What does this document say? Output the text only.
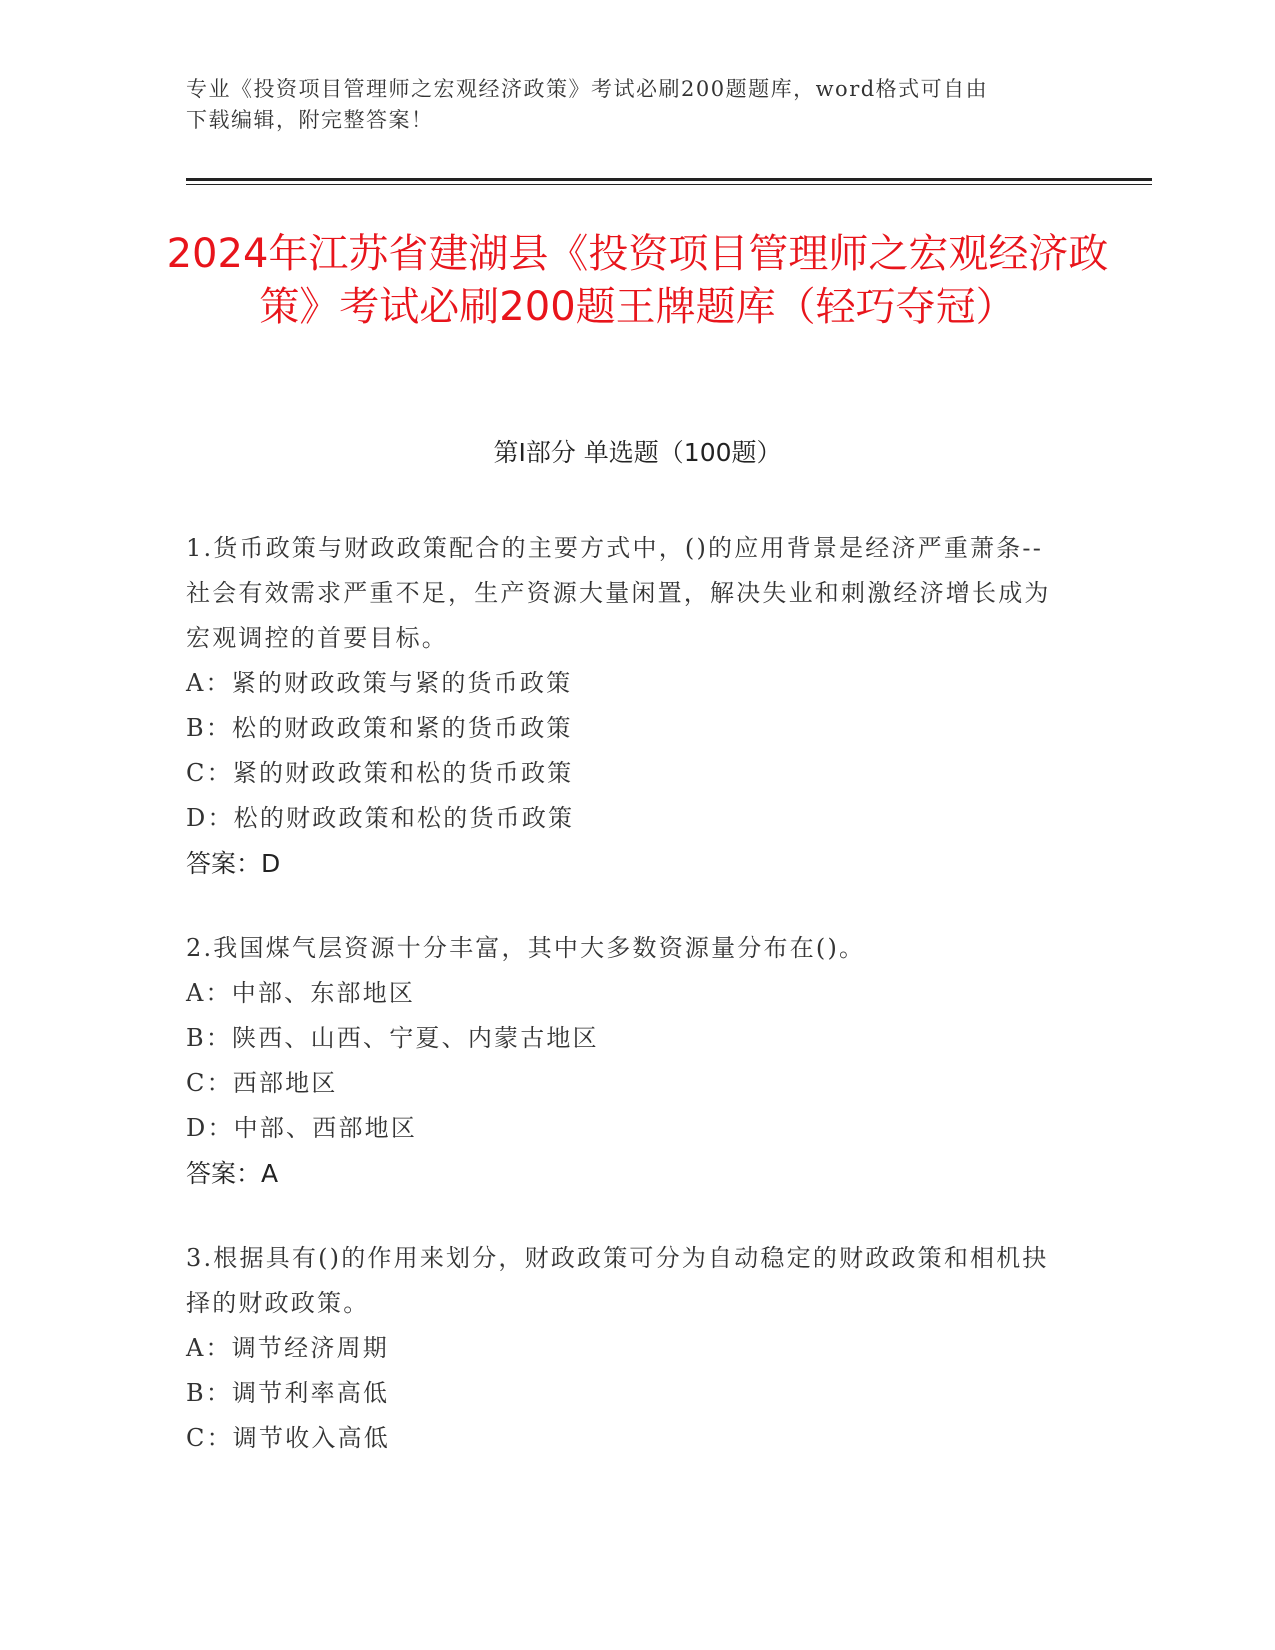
专业《投资项目管理师之宏观经济政策》考试必刷200题题库，word格式可自由

下载编辑，附完整答案！

2024年江苏省建湖县《投资项目管理师之宏观经济政策》考试必刷200题王牌题库（轻巧夺冠）
第I部分 单选题（100题）

1.货币政策与财政政策配合的主要方式中，()的应用背景是经济严重萧条--社会有效需求严重不足，生产资源大量闲置，解决失业和刺激经济增长成为宏观调控的首要目标。

A：紧的财政政策与紧的货币政策

B：松的财政政策和紧的货币政策

C：紧的财政政策和松的货币政策

D：松的财政政策和松的货币政策

答案：D

2.我国煤气层资源十分丰富，其中大多数资源量分布在()。

A：中部、东部地区

B：陕西、山西、宁夏、内蒙古地区

C：西部地区

D：中部、西部地区

答案：A

3.根据具有()的作用来划分，财政政策可分为自动稳定的财政政策和相机抉择的财政政策。

A：调节经济周期

B：调节利率高低

C：调节收入高低
